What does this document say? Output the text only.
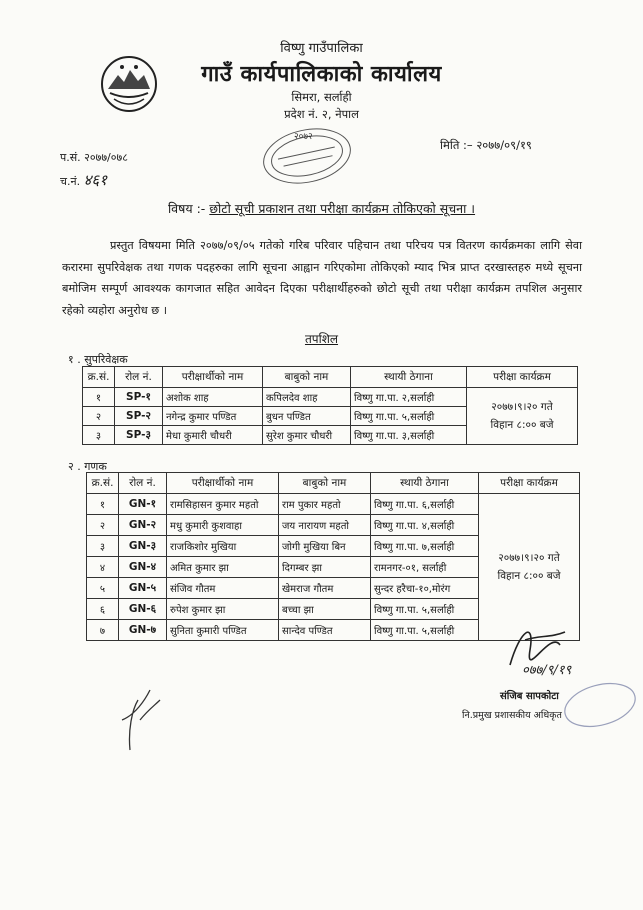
विष्णु गाउँपालिका
गाउँ कार्यपालिकाको कार्यालय
सिमरा, सर्लाही
प्रदेश नं. २, नेपाल
२०७२
प.सं. २०७७/०७८
च.नं. ४६१
मिति :– २०७७/०९/१९
विषय :- छोटो सूची प्रकाशन तथा परीक्षा कार्यक्रम तोकिएको सूचना ।

प्रस्तुत विषयमा मिति २०७७/०९/०५ गतेको गरिब परिवार पहिचान तथा परिचय पत्र वितरण कार्यक्रमका लागि सेवा करारमा सुपरिवेक्षक तथा गणक पदहरुका लागि सूचना आह्वान गरिएकोमा तोकिएको म्याद भित्र प्राप्त दरखास्तहरु मध्ये सूचना बमोजिम सम्पूर्ण आवश्यक कागजात सहित आवेदन दिएका परीक्षार्थीहरुको छोटो सूची तथा परीक्षा कार्यक्रम तपशिल अनुसार रहेको व्यहोरा अनुरोध छ ।

तपशिल
१ . सुपरिवेक्षक
क्र.सं.	रोल नं.	परीक्षार्थीको नाम	बाबुको नाम	स्थायी ठेगाना	परीक्षा कार्यक्रम
१	SP-१	अशोक शाह	कपिलदेव शाह	विष्णु गा.पा. २,सर्लाही	२०७७।९।२० गते
विहान ८:०० बजे

२	SP-२	नगेन्द्र कुमार पण्डित	बुधन पण्डित	विष्णु गा.पा. ५,सर्लाही	
३	SP-३	मेधा कुमारी चौधरी	सुरेश कुमार चौधरी	विष्णु गा.पा. ३,सर्लाही	
२ . गणक
क्र.सं.	रोल नं.	परीक्षार्थीको नाम	बाबुको नाम	स्थायी ठेगाना	परीक्षा कार्यक्रम
१	GN-१	रामसिहासन कुमार महतो	राम पुकार महतो	विष्णु गा.पा. ६,सर्लाही	२०७७।९।२० गते
विहान ८:०० बजे

२	GN-२	मधु कुमारी कुशवाहा	जय नारायण महतो	विष्णु गा.पा. ४,सर्लाही	
३	GN-३	राजकिशोर मुखिया	जोगी मुखिया बिन	विष्णु गा.पा. ७,सर्लाही	
४	GN-४	अमित कुमार झा	दिगम्बर झा	रामनगर-०१, सर्लाही	
५	GN-५	संजिव गौतम	खेमराज गौतम	सुन्दर हरैचा-१०,मोरंग	
६	GN-६	रुपेश कुमार झा	बच्चा झा	विष्णु गा.पा. ५,सर्लाही	
७	GN-७	सुनिता कुमारी पण्डित	सान्देव पण्डित	विष्णु गा.पा. ५,सर्लाही	
०७७/९/१९
संजिब सापकोटा
नि.प्रमुख प्रशासकीय अधिकृत
